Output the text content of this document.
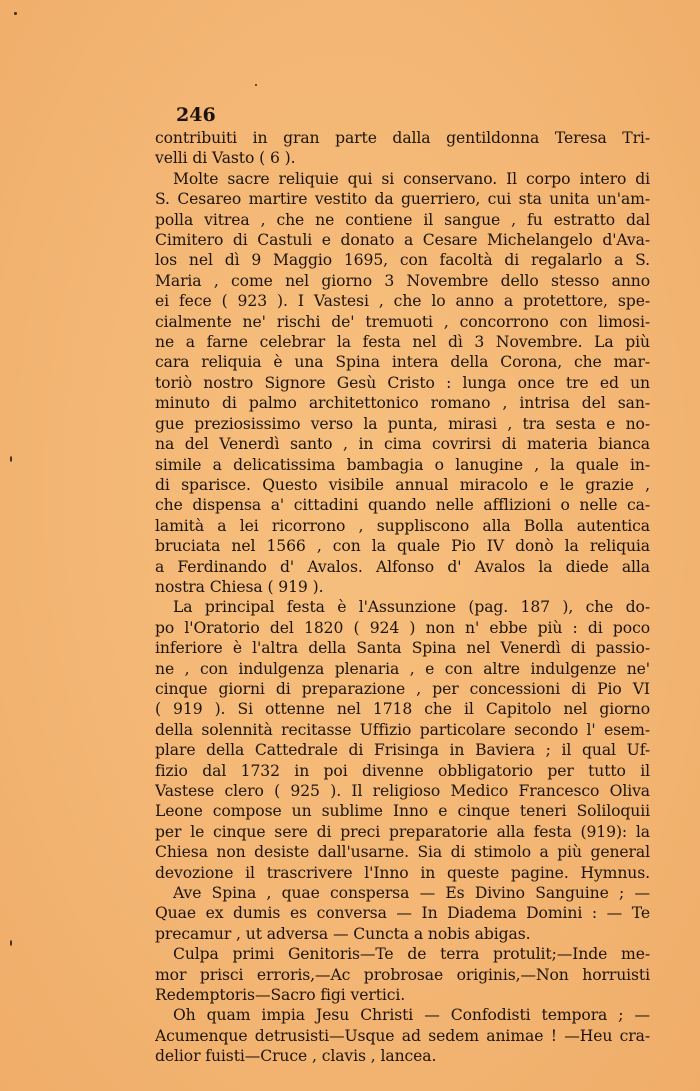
246
contribuiti in gran parte dalla gentildonna Teresa Tri-
velli di Vasto ( 6 ).
Molte sacre reliquie qui si conservano. Il corpo intero di
S. Cesareo martire vestito da guerriero, cui sta unita un'am-
polla vitrea , che ne contiene il sangue , fu estratto dal
Cimitero di Castuli e donato a Cesare Michelangelo d'Ava-
los nel dì 9 Maggio 1695, con facoltà di regalarlo a S.
Maria , come nel giorno 3 Novembre dello stesso anno
ei fece ( 923 ). I Vastesi , che lo anno a protettore, spe-
cialmente ne' rischi de' tremuoti , concorrono con limosi-
ne a farne celebrar la festa nel dì 3 Novembre. La più
cara reliquia è una Spina intera della Corona, che mar-
toriò nostro Signore Gesù Cristo : lunga once tre ed un
minuto di palmo architettonico romano , intrisa del san-
gue preziosissimo verso la punta, mirasi , tra sesta e no-
na del Venerdì santo , in cima covrirsi di materia bianca
simile a delicatissima bambagia o lanugine , la quale in-
di sparisce. Questo visibile annual miracolo e le grazie ,
che dispensa a' cittadini quando nelle afflizioni o nelle ca-
lamità a lei ricorrono , suppliscono alla Bolla autentica
bruciata nel 1566 , con la quale Pio IV donò la reliquia
a Ferdinando d' Avalos. Alfonso d' Avalos la diede alla
nostra Chiesa ( 919 ).
La principal festa è l'Assunzione (pag. 187 ), che do-
po l'Oratorio del 1820 ( 924 ) non n' ebbe più : di poco
inferiore è l'altra della Santa Spina nel Venerdì di passio-
ne , con indulgenza plenaria , e con altre indulgenze ne'
cinque giorni di preparazione , per concessioni di Pio VI
( 919 ). Si ottenne nel 1718 che il Capitolo nel giorno
della solennità recitasse Uffizio particolare secondo l' esem-
plare della Cattedrale di Frisinga in Baviera ; il qual Uf-
fizio dal 1732 in poi divenne obbligatorio per tutto il
Vastese clero ( 925 ). Il religioso Medico Francesco Oliva
Leone compose un sublime Inno e cinque teneri Soliloquii
per le cinque sere di preci preparatorie alla festa (919): la
Chiesa non desiste dall'usarne. Sia di stimolo a più general
devozione il trascrivere l'Inno in queste pagine. Hymnus.
Ave Spina , quae conspersa — Es Divino Sanguine ; —
Quae ex dumis es conversa — In Diadema Domini : — Te
precamur , ut adversa — Cuncta a nobis abigas.
Culpa primi Genitoris—Te de terra protulit;—Inde me-
mor prisci erroris,—Ac probrosae originis,—Non horruisti
Redemptoris—Sacro figi vertici.
Oh quam impia Jesu Christi — Confodisti tempora ; —
Acumenque detrusisti—Usque ad sedem animae ! —Heu cra-
delior fuisti—Cruce , clavis , lancea.
